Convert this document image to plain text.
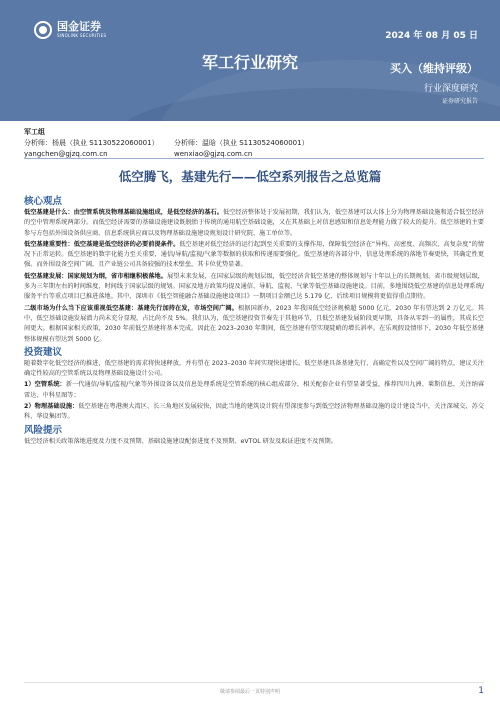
国金证券
SINOLINK SECURITIES	2024 年 08 月 05 日
军工行业研究	买入（维持评级）
行业深度研究
证券研究报告
军工组
分析师：杨晨（执业 S1130522060001）	分析师：温晗（执业 S1130524060001）
yangchen@gjzq.com.cn	wenxiao@gjzq.com.cn
低空腾飞，基建先行——低空系列报告之总览篇
核心观点

低空基建是什么：由空管系统及物理基础设施组成，是低空经济的基石。低空经济整体处于发展初期，我们认为，低空基建可以大体上分为物理基础设施和适合低空经济的空中管理系统两部分。而低空经济需要的基础设施建设既脱胎于传统的通用航空基础设施，又在其基础上对信息感知和信息处理能力做了较大的提升。低空基建的主要参与方包括外围设备供应商、信息系统供应商以及物理基础设施建设规划设计研究院、施工单位等。

低空基建重要性：低空基建是低空经济的必要前提条件。低空基建对低空经济的运行起到至关重要的支撑作用，保障低空经济在“异构、高密度、高频次、高复杂度”的情况下正常运转。低空基建的数字化能力至关重要，通信/导航/监视/气象等数据的获取和传递需要强化。低空基建的各部分中，信息处理系统的落地节奏更快，其确定性更强。而外围设备空间广阔，且产业链公司具备较强的技术壁垒，其卡位优势显著。

低空基建发展：国家规划为纲，省市相继积极落地。展望未来发展，在国家层级的规划层级，低空经济含低空基建的整体规划与十年以上的长期规划。省市级规划层级，多为三年期左右的时间维度，时间线于国家层级的规划。国家及地方政策均提及通信、导航、监视、气象等低空基础设施建设。目前，多地围绕低空基建的信息处理系统/服务平台等重点项目已推进落地。其中，深圳市《低空智能融合基础设施建设项目》一期项目金额已达 5.179 亿，后续项目规模将更值得重点期待。

二级市场为什么当下应该重视低空基建：基建先行加持在发，市场空间广阔。根据国新办，2023 年我国低空经济规模超 5000 亿元，2030 年有望达到 2 万亿元。其中，低空基础设施发展潜力尚未充分显现，占比尚不及 5%。我们认为，低空基建投资节奏先于其他环节，且低空基建发展阶段更早期，具备从零到一的属性，其成长空间更大。根据国家相关政策，2030 年前低空基建将基本完成。因此在 2023–2030 年期间，低空基建有望实现陡峭的增长斜率。在乐观假设情形下，2030 年低空基建整体规模有望达到 5000 亿。

投资建议

随着数字化低空经济的推进，低空基建的需求将快速释放，并有望在 2023–2030 年间实现快速增长。低空基建具备基建先行、高确定性以及空间广阔的特点，建议关注确定性较高的空管系统以及物理基础设施设计公司。

1）空管系统：新一代通信/导航/监视/气象等外围设备以及信息处理系统是空管系统的核心组成部分，相关配套企业有望显著受益，推荐四川九洲、莱斯信息，关注纳睿雷达、中科星图等；

2）物理基础设施：低空基建在粤港澳大湾区、长三角地区发展较快，因此当地的建筑设计院有望深度参与到低空经济物理基础设施的设计建设当中，关注深城交、苏交科、华设集团等。

风险提示

低空经济相关政策落地进度及力度不及预期、基础设施建设配套进度不及预期、eVTOL 研发及取证进度不及预期。

敬请参阅最后一页特别声明	1
